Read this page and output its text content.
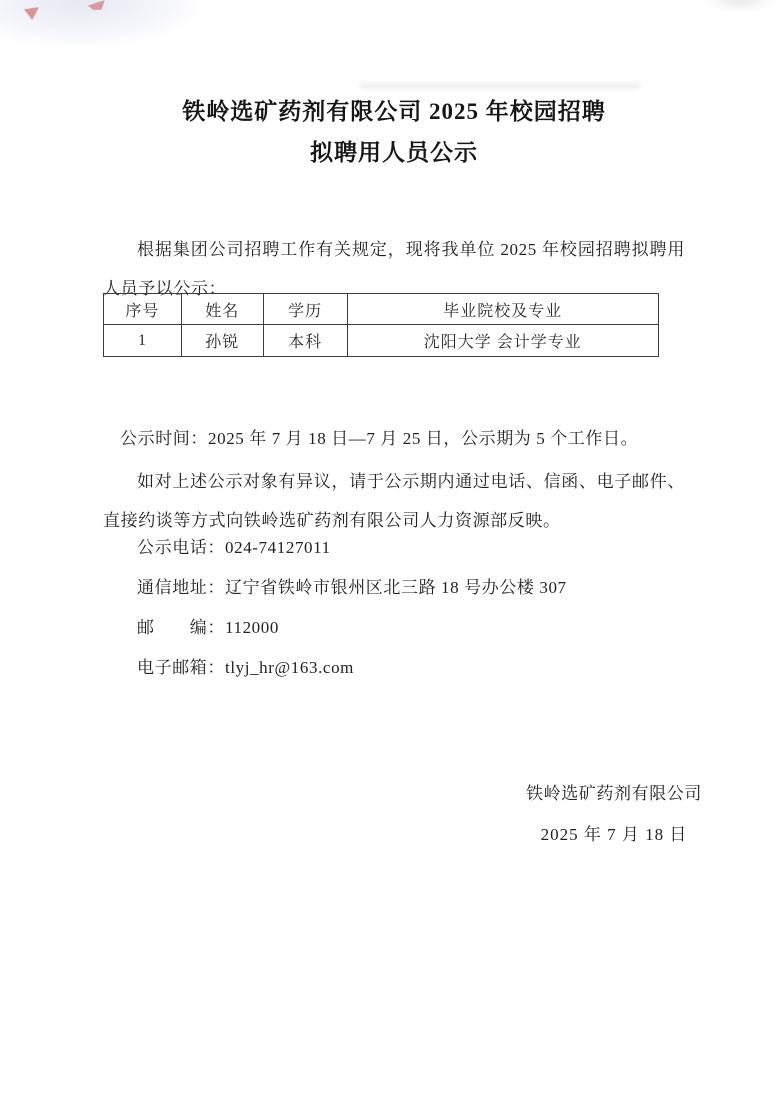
铁岭选矿药剂有限公司 2025 年校园招聘
拟聘用人员公示

根据集团公司招聘工作有关规定，现将我单位 2025 年校园招聘拟聘用人员予以公示：

序号	姓名	学历	毕业院校及专业
1	孙锐	本科	沈阳大学 会计学专业

公示时间：2025 年 7 月 18 日—7 月 25 日，公示期为 5 个工作日。

如对上述公示对象有异议，请于公示期内通过电话、信函、电子邮件、直接约谈等方式向铁岭选矿药剂有限公司人力资源部反映。

公示电话：024-74127011
通信地址：辽宁省铁岭市银州区北三路 18 号办公楼 307
邮　　编：112000
电子邮箱：tlyj_hr@163.com
铁岭选矿药剂有限公司
2025 年 7 月 18 日
